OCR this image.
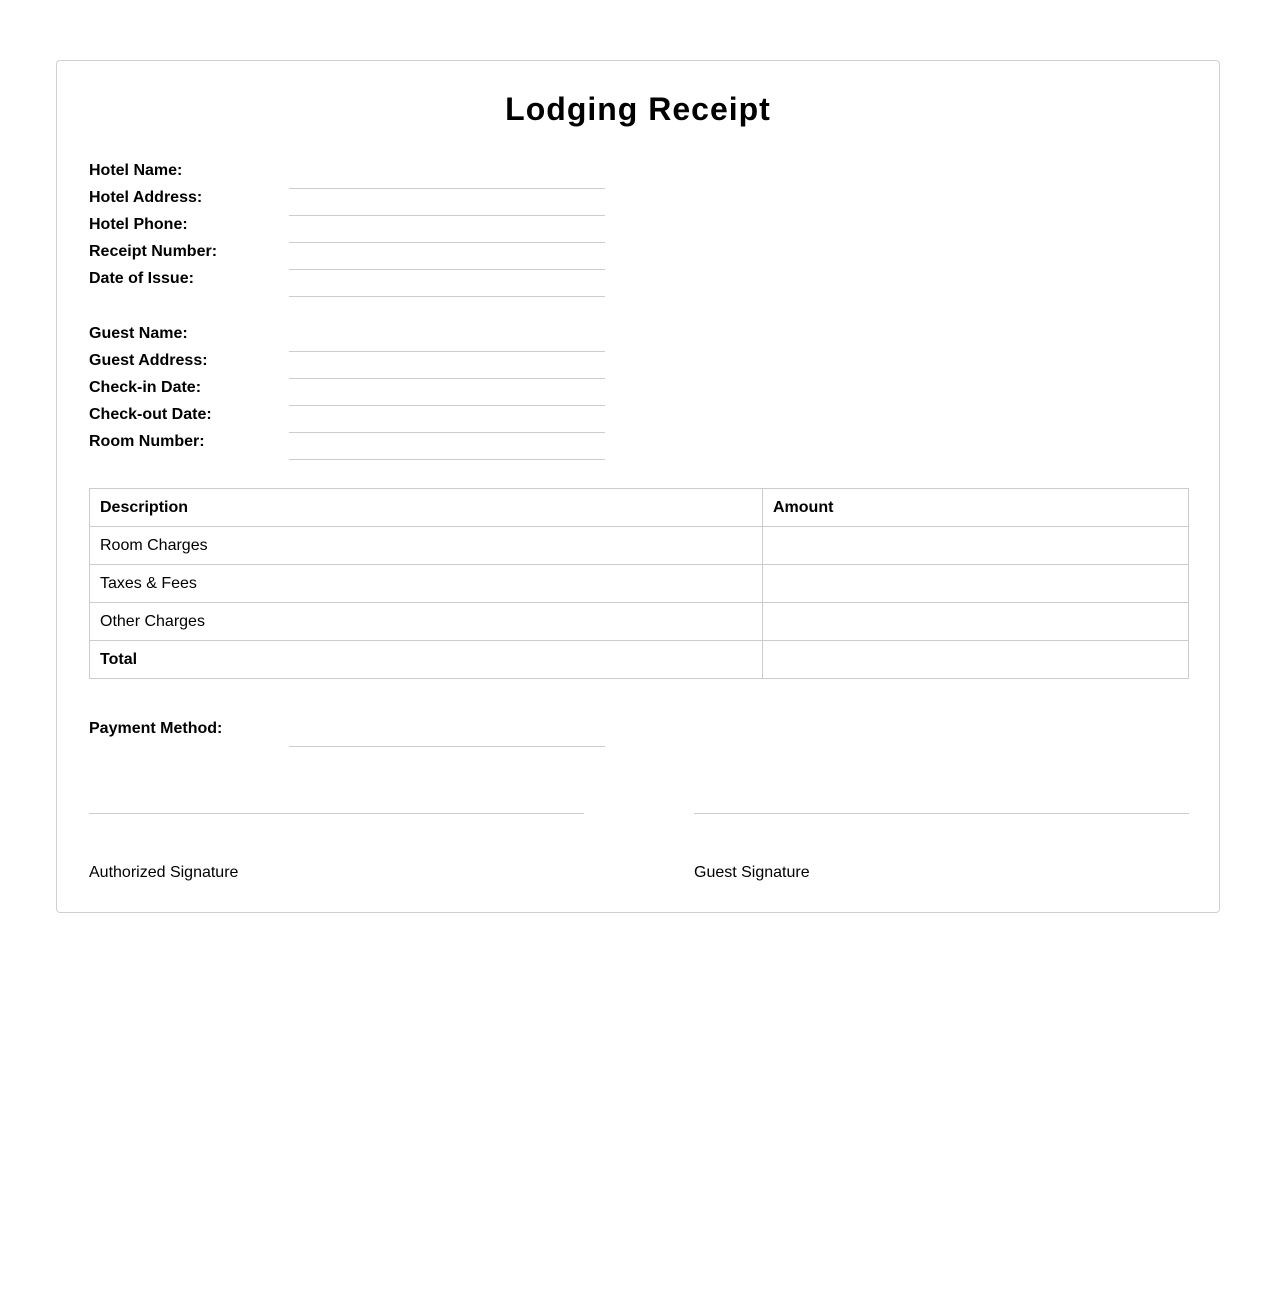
Lodging Receipt
Hotel Name:
Hotel Address:
Hotel Phone:
Receipt Number:
Date of Issue:
Guest Name:
Guest Address:
Check-in Date:
Check-out Date:
Room Number:
Description	Amount
Room Charges	
Taxes & Fees	
Other Charges	
Total	
Payment Method:
Authorized Signature	Guest Signature
